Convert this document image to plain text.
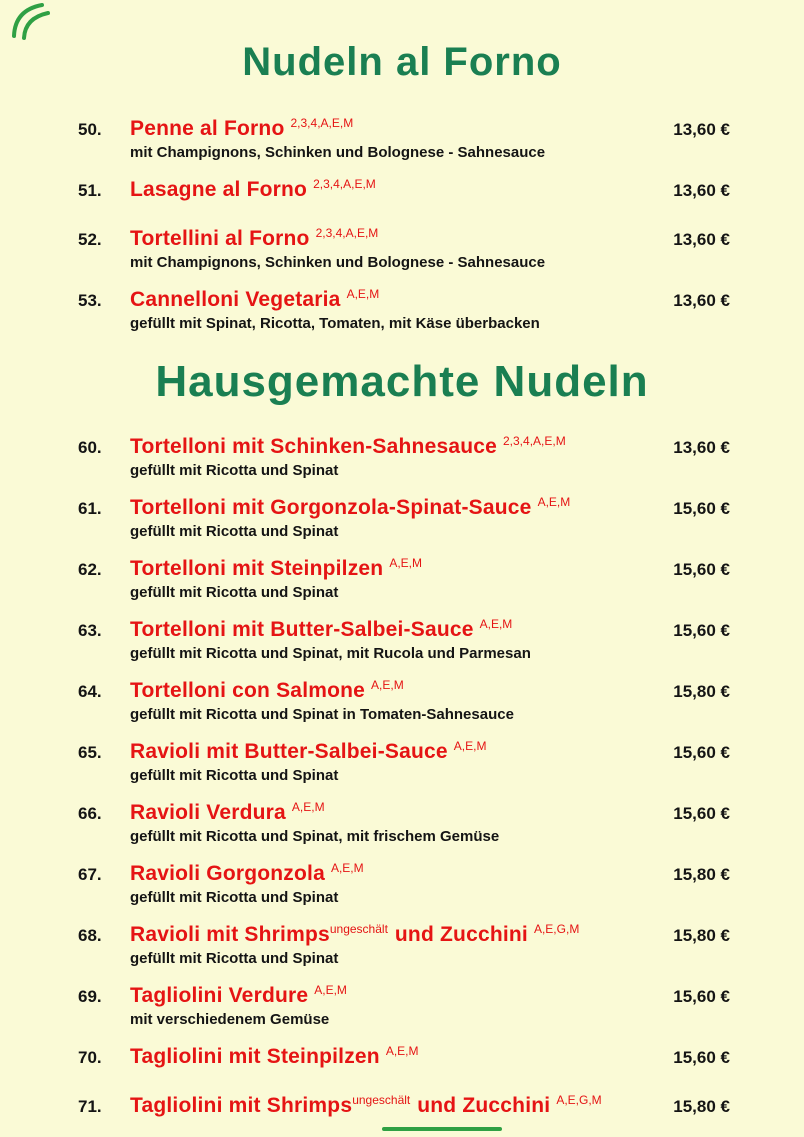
Nudeln al Forno
50.	Penne al Forno $^{2,3,4,A,E,M}$	13,60 €
mit Champignons, Schinken und Bolognese - Sahnesauce
51.	Lasagne al Forno $^{2,3,4,A,E,M}$	13,60 €
52.	Tortellini al Forno $^{2,3,4,A,E,M}$	13,60 €
mit Champignons, Schinken und Bolognese - Sahnesauce
53.	Cannelloni Vegetaria $^{A,E,M}$	13,60 €
gefüllt mit Spinat, Ricotta, Tomaten, mit Käse überbacken
Hausgemachte Nudeln
60.	Tortelloni mit Schinken-Sahnesauce $^{2,3,4,A,E,M}$	13,60 €
gefüllt mit Ricotta und Spinat
61.	Tortelloni mit Gorgonzola-Spinat-Sauce $^{A,E,M}$	15,60 €
gefüllt mit Ricotta und Spinat
62.	Tortelloni mit Steinpilzen $^{A,E,M}$	15,60 €
gefüllt mit Ricotta und Spinat
63.	Tortelloni mit Butter-Salbei-Sauce $^{A,E,M}$	15,60 €
gefüllt mit Ricotta und Spinat, mit Rucola und Parmesan
64.	Tortelloni con Salmone $^{A,E,M}$	15,80 €
gefüllt mit Ricotta und Spinat in Tomaten-Sahnesauce
65.	Ravioli mit Butter-Salbei-Sauce $^{A,E,M}$	15,60 €
gefüllt mit Ricotta und Spinat
66.	Ravioli Verdura $^{A,E,M}$	15,60 €
gefüllt mit Ricotta und Spinat, mit frischem Gemüse
67.	Ravioli Gorgonzola $^{A,E,M}$	15,80 €
gefüllt mit Ricotta und Spinat
68.	Ravioli mit Shrimps$^{ungeschält}$ und Zucchini $^{A,E,G,M}$	15,80 €
gefüllt mit Ricotta und Spinat
69.	Tagliolini Verdure $^{A,E,M}$	15,60 €
mit verschiedenem Gemüse
70.	Tagliolini mit Steinpilzen $^{A,E,M}$	15,60 €
71.	Tagliolini mit Shrimps$^{ungeschält}$ und Zucchini $^{A,E,G,M}$	15,80 €
